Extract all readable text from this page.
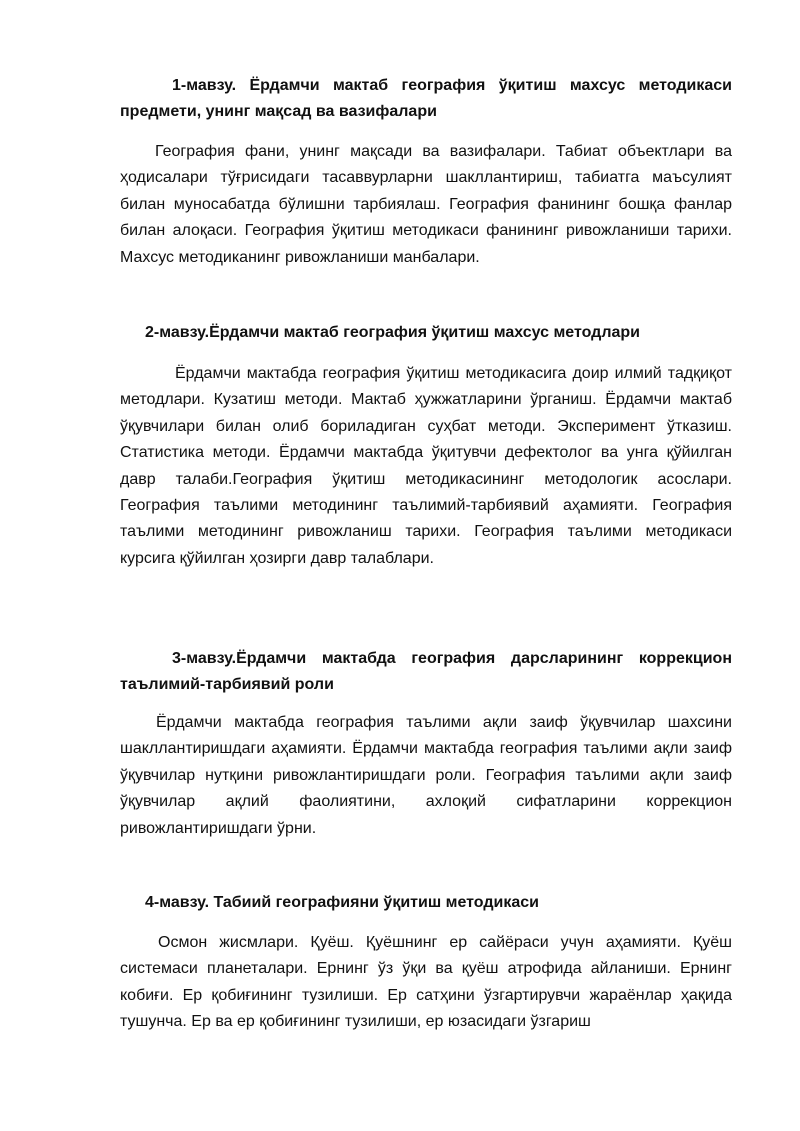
1-мавзу. Ёрдамчи мактаб география ўқитиш махсус методикаси предмети, унинг мақсад ва вазифалари

География фани, унинг мақсади ва вазифалари. Табиат объектлари ва ҳодисалари тўғрисидаги тасаввурларни шакллантириш, табиатга маъсулият билан муносабатда бўлишни тарбиялаш. География фанининг бошқа фанлар билан алоқаси. География ўқитиш методикаси фанининг ривожланиши тарихи. Махсус методиканинг ривожланиши манбалари.

2-мавзу.Ёрдамчи мактаб география ўқитиш махсус методлари

Ёрдамчи мактабда география ўқитиш методикасига доир илмий тадқиқот методлари. Кузатиш методи. Мактаб ҳужжатларини ўрганиш. Ёрдамчи мактаб ўқувчилари билан олиб бориладиган суҳбат методи. Эксперимент ўтказиш. Статистика методи. Ёрдамчи мактабда ўқитувчи дефектолог ва унга қўйилган давр талаби.География ўқитиш методикасининг методологик асослари. География таълими методининг таълимий-тарбиявий аҳамияти. География таълими методининг ривожланиш тарихи. География таълими методикаси курсига қўйилган ҳозирги давр талаблари.

3-мавзу.Ёрдамчи мактабда география дарсларининг коррекцион таълимий-тарбиявий роли

Ёрдамчи мактабда география таълими ақли заиф ўқувчилар шахсини шакллантиришдаги аҳамияти. Ёрдамчи мактабда география таълими ақли заиф ўқувчилар нутқини ривожлантиришдаги роли. География таълими ақли заиф ўқувчилар ақлий фаолиятини, ахлоқий сифатларини коррекцион ривожлантиришдаги ўрни.

4-мавзу. Табиий географияни ўқитиш методикаси

Осмон жисмлари. Қуёш. Қуёшнинг ер сайёраси учун аҳамияти. Қуёш системаси планеталари. Ернинг ўз ўқи ва қуёш атрофида айланиши. Ернинг кобиғи. Ер қобиғининг тузилиши. Ер сатҳини ўзгартирувчи жараёнлар ҳақида тушунча. Ер ва ер қобиғининг тузилиши, ер юзасидаги ўзгариш
